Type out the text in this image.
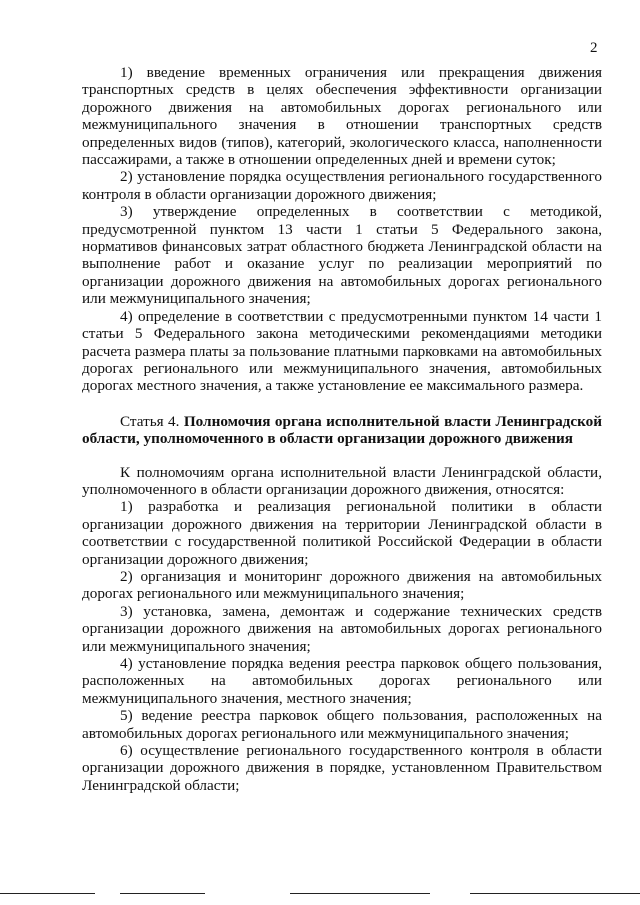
2

1) введение временных ограничения или прекращения движения транспортных средств в целях обеспечения эффективности организации дорожного движения на автомобильных дорогах регионального или межмуниципального значения в отношении транспортных средств определенных видов (типов), категорий, экологического класса, наполненности пассажирами, а также в отношении определенных дней и времени суток;

2) установление порядка осуществления регионального государственного контроля в области организации дорожного движения;

3) утверждение определенных в соответствии с методикой, предусмотренной пунктом 13 части 1 статьи 5 Федерального закона, нормативов финансовых затрат областного бюджета Ленинградской области на выполнение работ и оказание услуг по реализации мероприятий по организации дорожного движения на автомобильных дорогах регионального или межмуниципального значения;

4) определение в соответствии с предусмотренными пунктом 14 части 1 статьи 5 Федерального закона методическими рекомендациями методики расчета размера платы за пользование платными парковками на автомобильных дорогах регионального или межмуниципального значения, автомобильных дорогах местного значения, а также установление ее максимального размера.

Статья 4. Полномочия органа исполнительной власти Ленинградской области, уполномоченного в области организации дорожного движения

К полномочиям органа исполнительной власти Ленинградской области, уполномоченного в области организации дорожного движения, относятся:

1) разработка и реализация региональной политики в области организации дорожного движения на территории Ленинградской области в соответствии с государственной политикой Российской Федерации в области организации дорожного движения;

2) организация и мониторинг дорожного движения на автомобильных дорогах регионального или межмуниципального значения;

3) установка, замена, демонтаж и содержание технических средств организации дорожного движения на автомобильных дорогах регионального или межмуниципального значения;

4) установление порядка ведения реестра парковок общего пользования, расположенных на автомобильных дорогах регионального или межмуниципального значения, местного значения;

5) ведение реестра парковок общего пользования, расположенных на автомобильных дорогах регионального или межмуниципального значения;

6) осуществление регионального государственного контроля в области организации дорожного движения в порядке, установленном Правительством Ленинградской области;
